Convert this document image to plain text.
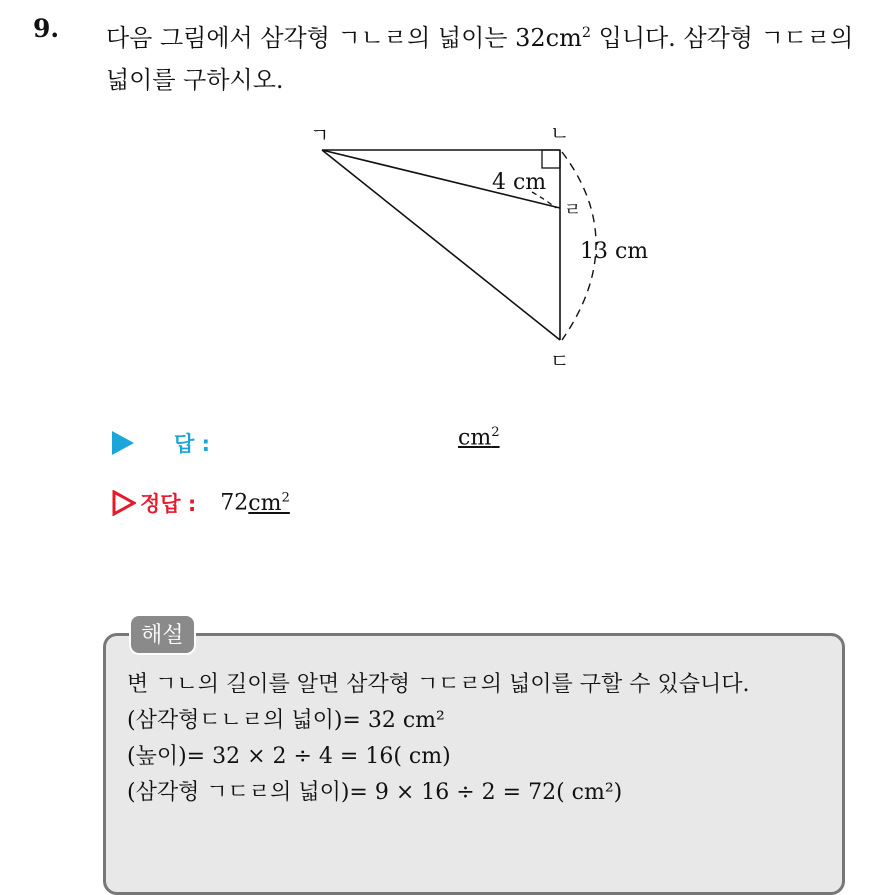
9. 다음 그림에서 삼각형 ㄱㄴㄹ의 넓이는 $32cm^2$ 입니다. 삼각형 ㄱㄷㄹ의 넓이를 구하시오.
ㄱ	ㄴ
ㄷ
ㄹ
4 cm
13 cm
답 :	$cm^2$
정답 : $72cm^2$
해설
변 ㄱㄴ의 길이를 알면 삼각형 ㄱㄷㄹ의 넓이를 구할 수 있습니다.
(삼각형ㄷㄴㄹ의 넓이)= 32 cm²
(높이)= 32 × 2 ÷ 4 = 16( cm)
(삼각형 ㄱㄷㄹ의 넓이)= 9 × 16 ÷ 2 = 72( cm²)
